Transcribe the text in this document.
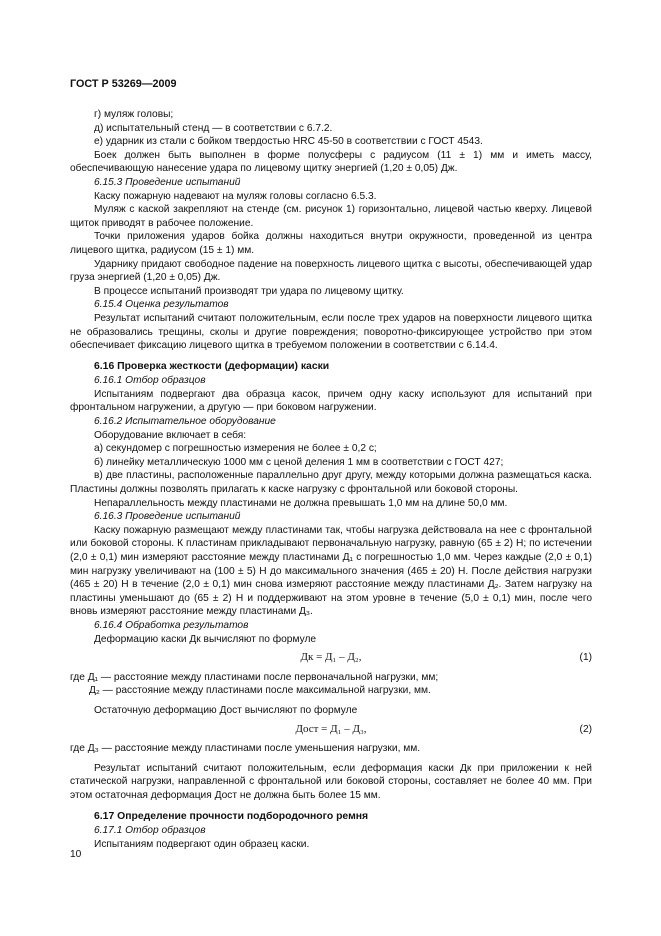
ГОСТ Р 53269—2009
г) муляж головы;
д) испытательный стенд — в соответствии с 6.7.2.
е) ударник из стали с бойком твердостью HRC 45-50 в соответствии с ГОСТ 4543.
Боек должен быть выполнен в форме полусферы с радиусом (11 ± 1) мм и иметь массу, обеспечивающую нанесение удара по лицевому щитку энергией (1,20 ± 0,05) Дж.
6.15.3 Проведение испытаний
Каску пожарную надевают на муляж головы согласно 6.5.3.
Муляж с каской закрепляют на стенде (см. рисунок 1) горизонтально, лицевой частью кверху. Лицевой щиток приводят в рабочее положение.
Точки приложения ударов бойка должны находиться внутри окружности, проведенной из центра лицевого щитка, радиусом (15 ± 1) мм.
Ударнику придают свободное падение на поверхность лицевого щитка с высоты, обеспечивающей удар груза энергией (1,20 ± 0,05) Дж.
В процессе испытаний производят три удара по лицевому щитку.
6.15.4 Оценка результатов
Результат испытаний считают положительным, если после трех ударов на поверхности лицевого щитка не образовались трещины, сколы и другие повреждения; поворотно-фиксирующее устройство при этом обеспечивает фиксацию лицевого щитка в требуемом положении в соответствии с 6.14.4.
6.16 Проверка жесткости (деформации) каски
6.16.1 Отбор образцов
Испытаниям подвергают два образца касок, причем одну каску используют для испытаний при фронтальном нагружении, а другую — при боковом нагружении.
6.16.2 Испытательное оборудование
Оборудование включает в себя:
а) секундомер с погрешностью измерения не более ± 0,2 с;
б) линейку металлическую 1000 мм с ценой деления 1 мм в соответствии с ГОСТ 427;
в) две пластины, расположенные параллельно друг другу, между которыми должна размещаться каска. Пластины должны позволять прилагать к каске нагрузку с фронтальной или боковой стороны.
Непараллельность между пластинами не должна превышать 1,0 мм на длине 50,0 мм.
6.16.3 Проведение испытаний
Каску пожарную размещают между пластинами так, чтобы нагрузка действовала на нее с фронтальной или боковой стороны. К пластинам прикладывают первоначальную нагрузку, равную (65 ± 2) Н; по истечении (2,0 ± 0,1) мин измеряют расстояние между пластинами Д₁ с погрешностью 1,0 мм. Через каждые (2,0 ± 0,1) мин нагрузку увеличивают на (100 ± 5) Н до максимального значения (465 ± 20) Н. После действия нагрузки (465 ± 20) Н в течение (2,0 ± 0,1) мин снова измеряют расстояние между пластинами Д₂. Затем нагрузку на пластины уменьшают до (65 ± 2) Н и поддерживают на этом уровне в течение (5,0 ± 0,1) мин, после чего вновь измеряют расстояние между пластинами Д₃.
6.16.4 Обработка результатов
Деформацию каски Дк вычисляют по формуле
Дк = Д₁ – Д₂,	(1)
где Д₁ — расстояние между пластинами после первоначальной нагрузки, мм;
Д₂ — расстояние между пластинами после максимальной нагрузки, мм.
Остаточную деформацию Дост вычисляют по формуле
Дост = Д₁ – Д₃,	(2)
где Д₃ — расстояние между пластинами после уменьшения нагрузки, мм.
Результат испытаний считают положительным, если деформация каски Дк при приложении к ней статической нагрузки, направленной с фронтальной или боковой стороны, составляет не более 40 мм. При этом остаточная деформация Дост не должна быть более 15 мм.
6.17 Определение прочности подбородочного ремня
6.17.1 Отбор образцов
Испытаниям подвергают один образец каски.
10
